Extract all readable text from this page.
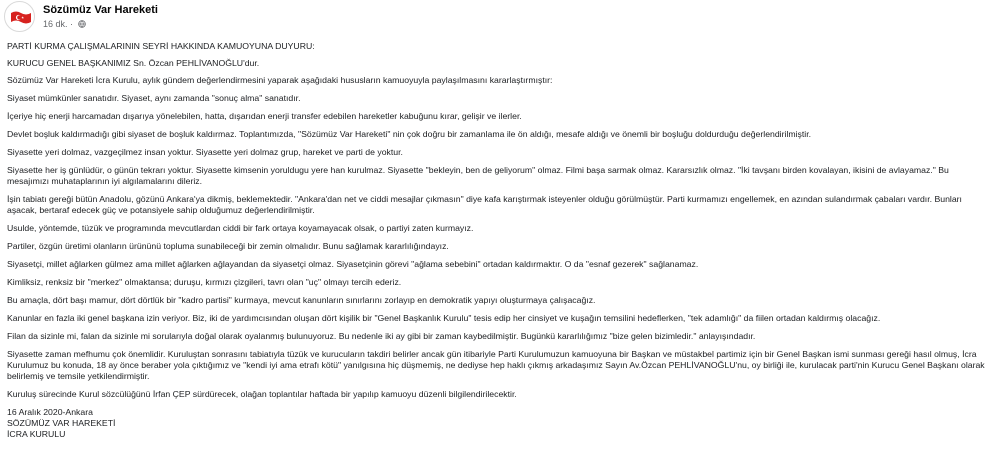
Sözümüz Var Hareketi
16 dk. ·

PARTİ KURMA ÇALIŞMALARININ SEYRİ HAKKINDA KAMUOYUNA DUYURU:

KURUCU GENEL BAŞKANIMIZ Sn. Özcan PEHLİVANOĞLU'dur.

Sözümüz Var Hareketi İcra Kurulu, aylık gündem değerlendirmesini yaparak aşağıdaki hususların kamuoyuyla paylaşılmasını kararlaştırmıştır:

Siyaset mümkünler sanatıdır. Siyaset, aynı zamanda "sonuç alma" sanatıdır.

İçeriye hiç enerji harcamadan dışarıya yönelebilen, hatta, dışarıdan enerji transfer edebilen hareketler kabuğunu kırar, gelişir ve ilerler.

Devlet boşluk kaldırmadığı gibi siyaset de boşluk kaldırmaz. Toplantımızda, "Sözümüz Var Hareketi" nin çok doğru bir zamanlama ile ön aldığı, mesafe aldığı ve önemli bir boşluğu doldurduğu değerlendirilmiştir.

Siyasette yeri dolmaz, vazgeçilmez insan yoktur. Siyasette yeri dolmaz grup, hareket ve parti de yoktur.

Siyasette her iş günlüdür, o günün tekrarı yoktur. Siyasette kimsenin yoruldugu yere han kurulmaz. Siyasette "bekleyin, ben de geliyorum" olmaz. Filmi başa sarmak olmaz. Kararsızlık olmaz. "İki tavşanı birden kovalayan, ikisini de avlayamaz." Bu mesajımızı muhataplarının iyi algılamalarını dileriz.

İşin tabiatı gereği bütün Anadolu, gözünü Ankara'ya dikmiş, beklemektedir. "Ankara'dan net ve ciddi mesajlar çıkmasın" diye kafa karıştırmak isteyenler olduğu görülmüştür. Parti kurmamızı engellemek, en azından sulandırmak çabaları vardır. Bunları aşacak, bertaraf edecek güç ve potansiyele sahip olduğumuz değerlendirilmiştir.

Usulde, yöntemde, tüzük ve programında mevcutlardan ciddi bir fark ortaya koyamayacak olsak, o partiyi zaten kurmayız.

Partiler, özgün üretimi olanların ürününü topluma sunabileceği bir zemin olmalıdır. Bunu sağlamak kararlılığındayız.

Siyasetçi, millet ağlarken gülmez ama millet ağlarken ağlayandan da siyasetçi olmaz. Siyasetçinin görevi "ağlama sebebini" ortadan kaldırmaktır. O da "esnaf gezerek" sağlanamaz.

Kimliksiz, renksiz bir "merkez" olmaktansa; duruşu, kırmızı çizgileri, tavrı olan "uç" olmayı tercih ederiz.

Bu amaçla, dört başı mamur, dört dörtlük bir "kadro partisi" kurmaya, mevcut kanunların sınırlarını zorlayıp en demokratik yapıyı oluşturmaya çalışacağız.

Kanunlar en fazla iki genel başkana izin veriyor. Biz, iki de yardımcısından oluşan dört kişilik bir "Genel Başkanlık Kurulu" tesis edip her cinsiyet ve kuşağın temsilini hedeflerken, "tek adamlığı" da fiilen ortadan kaldırmış olacağız.

Filan da sizinle mi, falan da sizinle mi sorularıyla doğal olarak oyalanmış bulunuyoruz. Bu nedenle iki ay gibi bir zaman kaybedilmiştir. Bugünkü kararlılığımız "bize gelen bizimledir." anlayışındadır.

Siyasette zaman mefhumu çok önemlidir. Kuruluştan sonrasını tabiatıyla tüzük ve kurucuların takdiri belirler ancak gün itibariyle Parti Kurulumuzun kamuoyuna bir Başkan ve müstakbel partimiz için bir Genel Başkan ismi sunması gereği hasıl olmuş, İcra Kurulumuz bu konuda, 18 ay önce beraber yola çıktığımız ve "kendi iyi ama etrafı kötü" yanılgısına hiç düşmemiş, ne dediyse hep haklı çıkmış arkadaşımız Sayın Av.Özcan PEHLİVANOĞLU'nu, oy birliği ile, kurulacak parti'nin Kurucu Genel Başkanı olarak belirlemiş ve temsile yetkilendirmiştir.

Kuruluş sürecinde Kurul sözcülüğünü İrfan ÇEP sürdürecek, olağan toplantılar haftada bir yapılıp kamuoyu düzenli bilgilendirilecektir.

16 Aralık 2020-Ankara

SÖZÜMÜZ VAR HAREKETİ

İCRA KURULU
